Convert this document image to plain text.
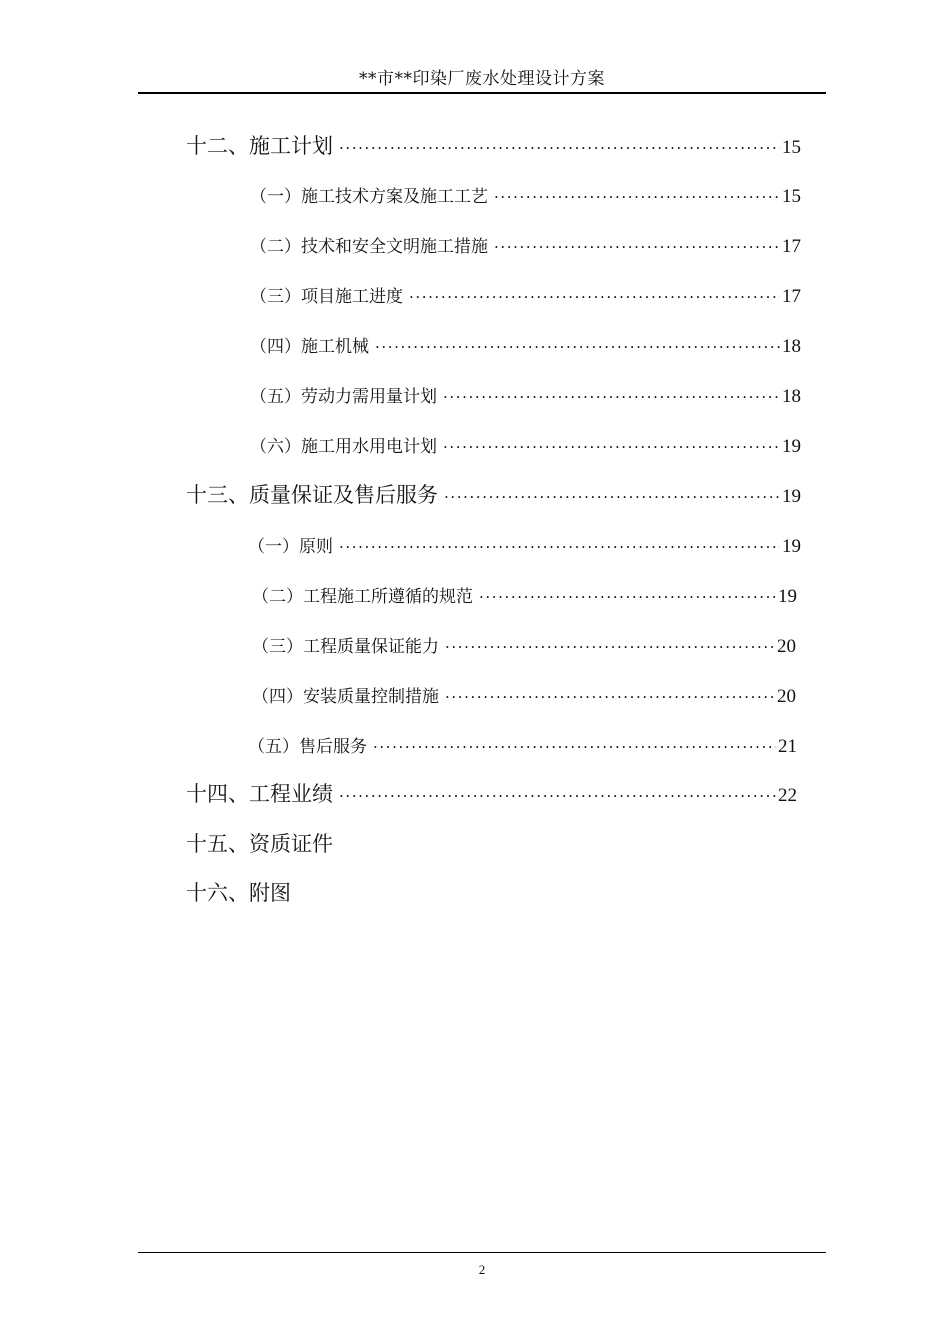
**市**印染厂废水处理设计方案
十二、施工计划 ·····	15
（一）施工技术方案及施工工艺 ·····	15
（二）技术和安全文明施工措施 ·····	17
（三）项目施工进度 ·····	17
（四）施工机械 ·····	18
（五）劳动力需用量计划 ·····	18
（六）施工用水用电计划 ·····	19
十三、质量保证及售后服务 ·····	19
（一）原则 ·····	19
（二）工程施工所遵循的规范 ·····	19
（三）工程质量保证能力 ·····	20
（四）安装质量控制措施 ·····	20
（五）售后服务 ·····	21
十四、工程业绩 ·····	22
十五、资质证件
十六、附图
2
